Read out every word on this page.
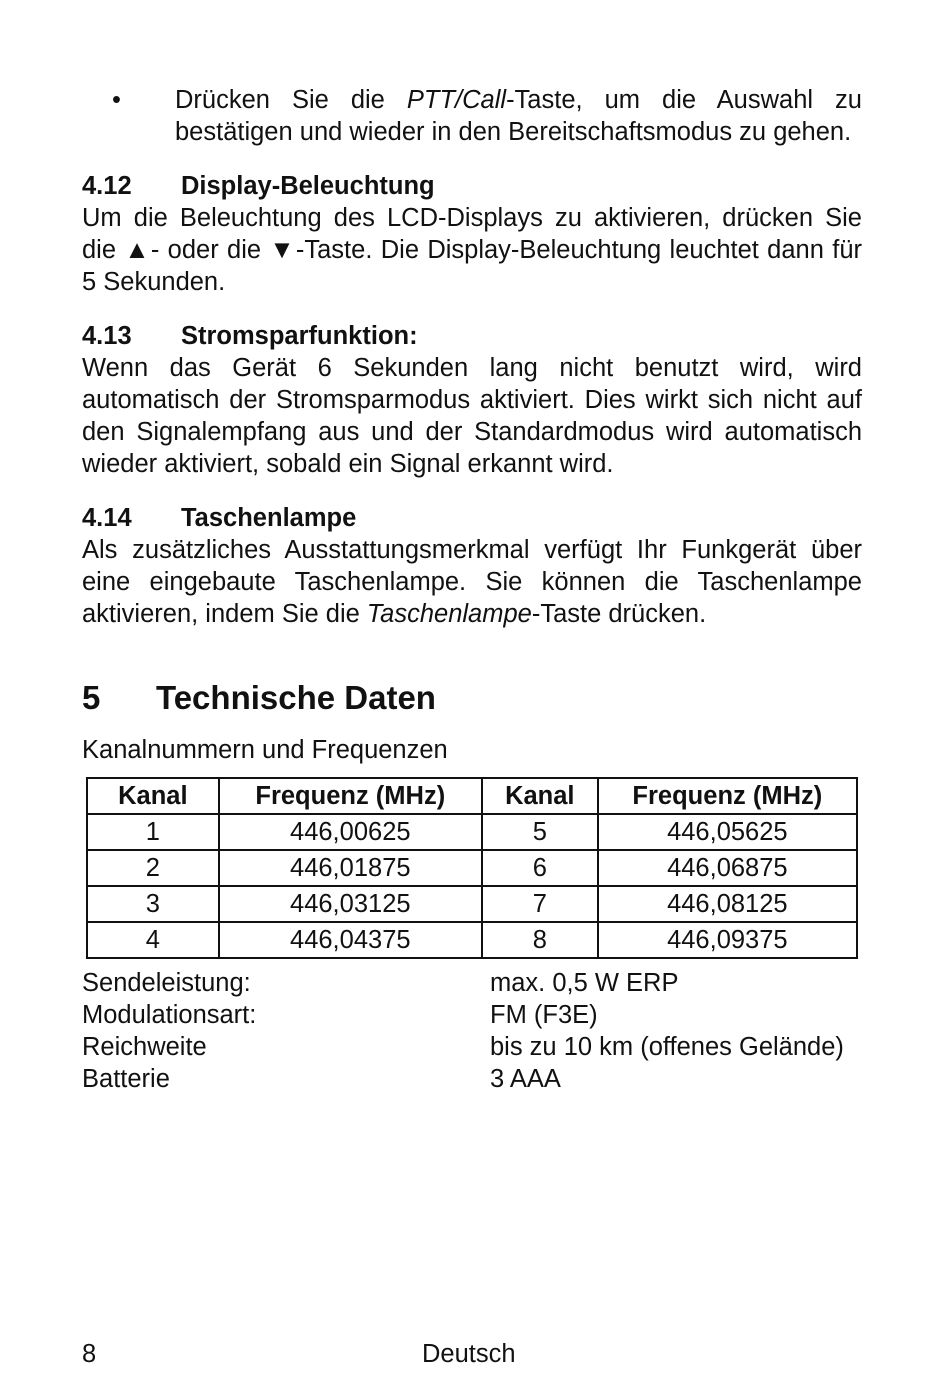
• Drücken Sie die PTT/Call-Taste, um die Auswahl zu bestätigen und wieder in den Bereitschaftsmodus zu gehen.
4.12	Display-Beleuchtung
Um die Beleuchtung des LCD-Displays zu aktivieren, drücken Sie die ▲- oder die ▼-Taste. Die Display-Beleuchtung leuchtet dann für 5 Sekunden.
4.13	Stromsparfunktion:
Wenn das Gerät 6 Sekunden lang nicht benutzt wird, wird automatisch der Stromsparmodus aktiviert. Dies wirkt sich nicht auf den Signalempfang aus und der Standardmodus wird automatisch wieder aktiviert, sobald ein Signal erkannt wird.
4.14	Taschenlampe
Als zusätzliches Ausstattungsmerkmal verfügt Ihr Funkgerät über eine eingebaute Taschenlampe. Sie können die Taschenlampe aktivieren, indem Sie die Taschenlampe-Taste drücken.
5	Technische Daten
Kanalnummern und Frequenzen
Kanal	Frequenz (MHz)	Kanal	Frequenz (MHz)
1	446,00625	5	446,05625
2	446,01875	6	446,06875
3	446,03125	7	446,08125
4	446,04375	8	446,09375
Sendeleistung:	max. 0,5 W ERP
Modulationsart:	FM (F3E)
Reichweite	bis zu 10 km (offenes Gelände)
Batterie	3 AAA
8	Deutsch
